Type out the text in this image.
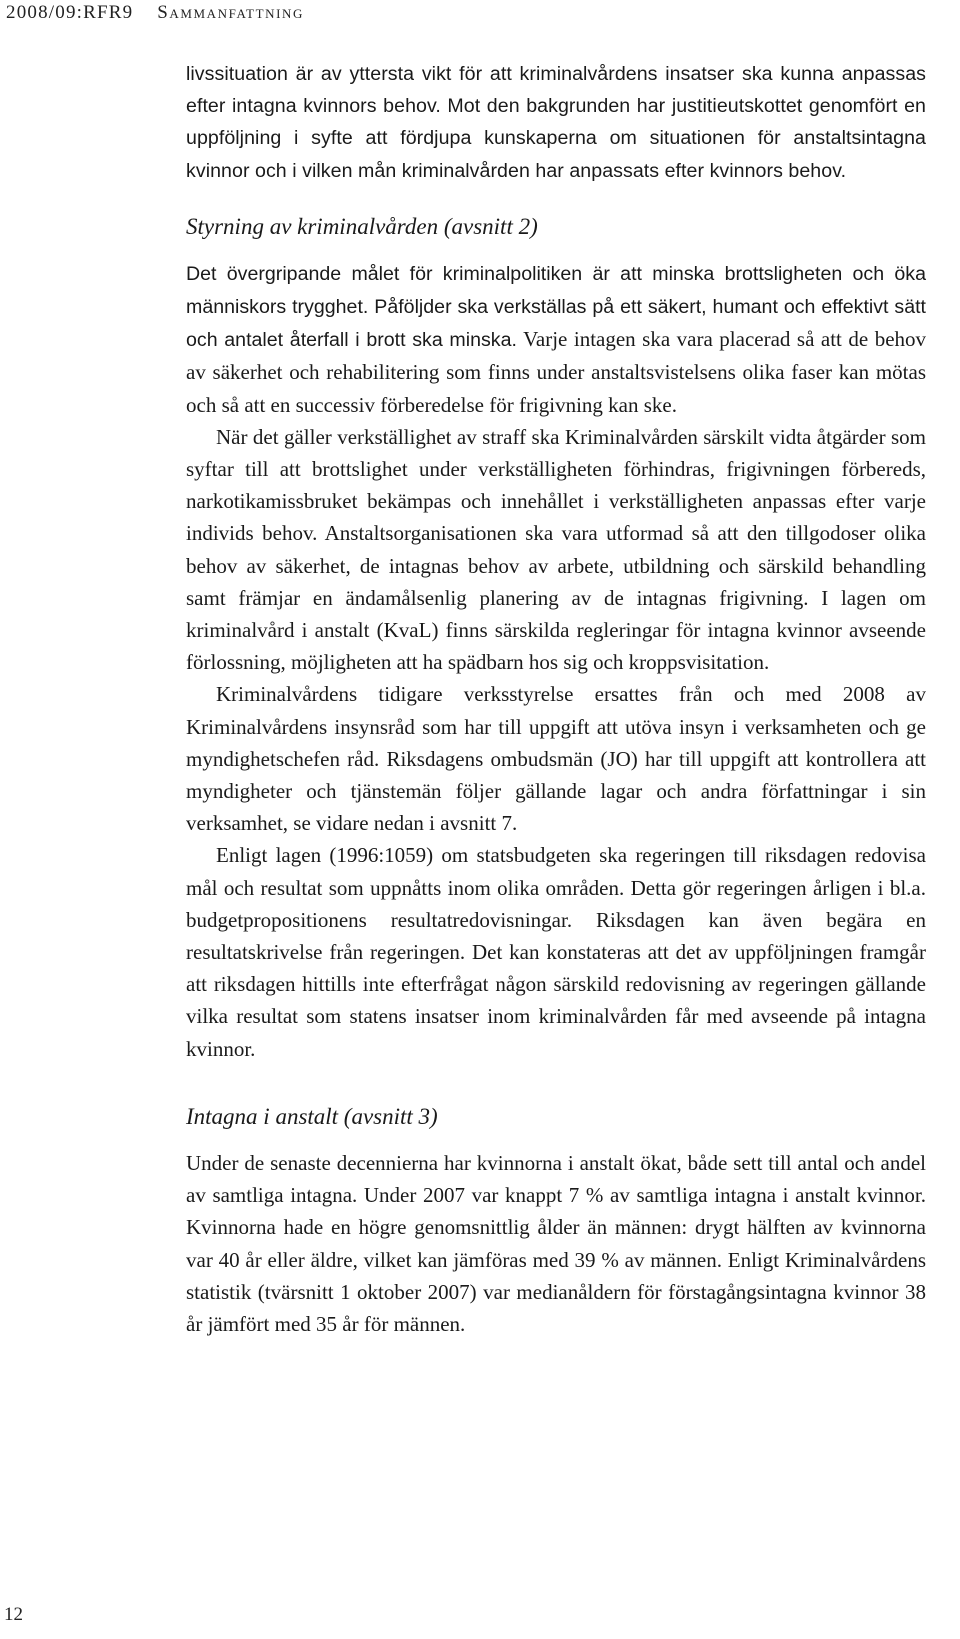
2008/09:RFR9 Sammanfattning

livssituation är av yttersta vikt för att kriminalvårdens insatser ska kunna anpassas efter intagna kvinnors behov. Mot den bakgrunden har justitieutskottet genomfört en uppföljning i syfte att fördjupa kunskaperna om situationen för anstaltsintagna kvinnor och i vilken mån kriminalvården har anpassats efter kvinnors behov.

Styrning av kriminalvården (avsnitt 2)

Det övergripande målet för kriminalpolitiken är att minska brottsligheten och öka människors trygghet. Påföljder ska verkställas på ett säkert, humant och effektivt sätt och antalet återfall i brott ska minska. Varje intagen ska vara placerad så att de behov av säkerhet och rehabilitering som finns under anstaltsvistelsens olika faser kan mötas och så att en successiv förberedelse för frigivning kan ske.

När det gäller verkställighet av straff ska Kriminalvården särskilt vidta åtgärder som syftar till att brottslighet under verkställigheten förhindras, frigivningen förbereds, narkotikamissbruket bekämpas och innehållet i verkställigheten anpassas efter varje individs behov. Anstaltsorganisationen ska vara utformad så att den tillgodoser olika behov av säkerhet, de intagnas behov av arbete, utbildning och särskild behandling samt främjar en ändamålsenlig planering av de intagnas frigivning. I lagen om kriminalvård i anstalt (KvaL) finns särskilda regleringar för intagna kvinnor avseende förlossning, möjligheten att ha spädbarn hos sig och kroppsvisitation.

Kriminalvårdens tidigare verksstyrelse ersattes från och med 2008 av Kriminalvårdens insynsråd som har till uppgift att utöva insyn i verksamheten och ge myndighetschefen råd. Riksdagens ombudsmän (JO) har till uppgift att kontrollera att myndigheter och tjänstemän följer gällande lagar och andra författningar i sin verksamhet, se vidare nedan i avsnitt 7.

Enligt lagen (1996:1059) om statsbudgeten ska regeringen till riksdagen redovisa mål och resultat som uppnåtts inom olika områden. Detta gör regeringen årligen i bl.a. budgetpropositionens resultatredovisningar. Riksdagen kan även begära en resultatskrivelse från regeringen. Det kan konstateras att det av uppföljningen framgår att riksdagen hittills inte efterfrågat någon särskild redovisning av regeringen gällande vilka resultat som statens insatser inom kriminalvården får med avseende på intagna kvinnor.

Intagna i anstalt (avsnitt 3)

Under de senaste decennierna har kvinnorna i anstalt ökat, både sett till antal och andel av samtliga intagna. Under 2007 var knappt 7 % av samtliga intagna i anstalt kvinnor. Kvinnorna hade en högre genomsnittlig ålder än männen: drygt hälften av kvinnorna var 40 år eller äldre, vilket kan jämföras med 39 % av männen. Enligt Kriminalvårdens statistik (tvärsnitt 1 oktober 2007) var medianåldern för förstagångsintagna kvinnor 38 år jämfört med 35 år för männen.

12
